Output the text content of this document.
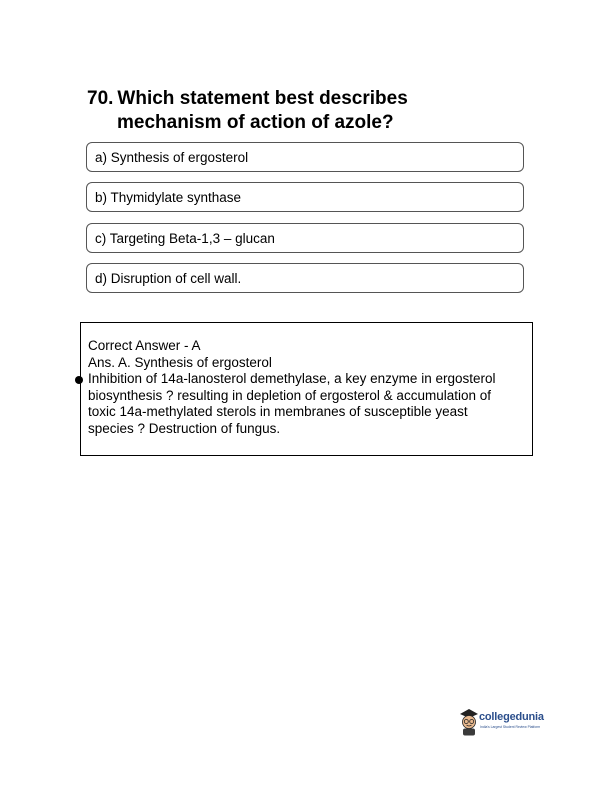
70. Which statement best describes
mechanism of action of azole?
a) Synthesis of ergosterol
b) Thymidylate synthase
c) Targeting Beta-1,3 – glucan
d) Disruption of cell wall.
Correct Answer - A
Ans. A. Synthesis of ergosterol
Inhibition of 14a-lanosterol demethylase, a key enzyme in ergosterol
biosynthesis ? resulting in depletion of ergosterol & accumulation of
toxic 14a-methylated sterols in membranes of susceptible yeast
species ? Destruction of fungus.
collegedunia
India's Largest Student Review Platform
